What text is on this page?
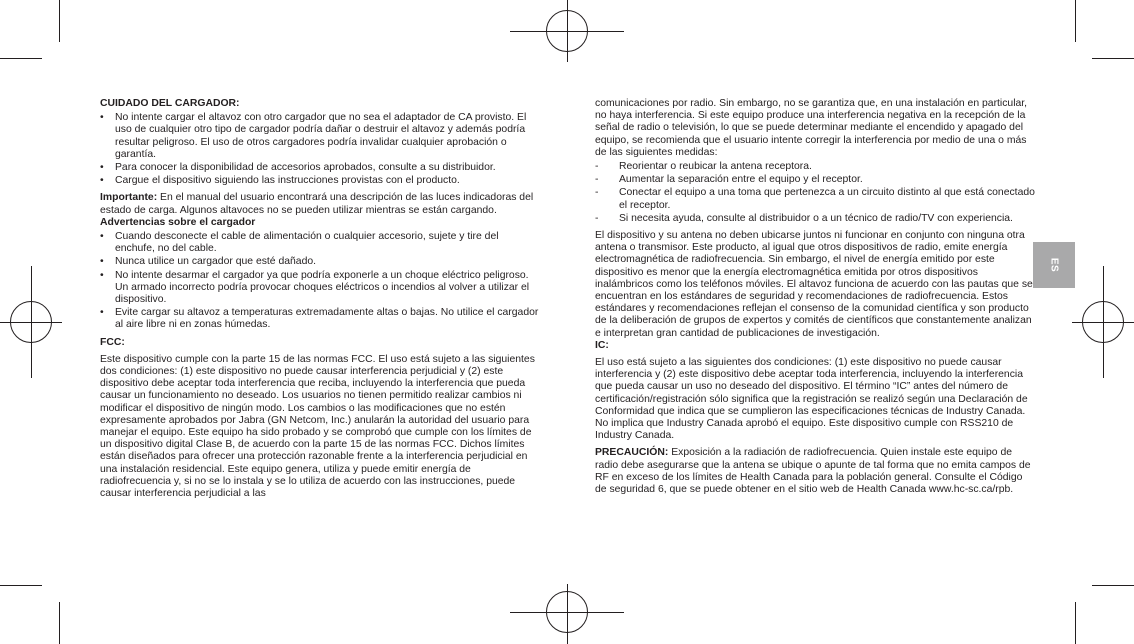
ES
CUIDADO DEL CARGADOR:
• No intente cargar el altavoz con otro cargador que no sea el adaptador de CA provisto. El uso de cualquier otro tipo de cargador podría dañar o destruir el altavoz y además podría resultar peligroso. El uso de otros cargadores podría invalidar cualquier aprobación o garantía.
• Para conocer la disponibilidad de accesorios aprobados, consulte a su distribuidor.
• Cargue el dispositivo siguiendo las instrucciones provistas con el producto.

Importante: En el manual del usuario encontrará una descripción de las luces indicadoras del estado de carga. Algunos altavoces no se pueden utilizar mientras se están cargando.

Advertencias sobre el cargador
• Cuando desconecte el cable de alimentación o cualquier accesorio, sujete y tire del enchufe, no del cable.
• Nunca utilice un cargador que esté dañado.
• No intente desarmar el cargador ya que podría exponerle a un choque eléctrico peligroso. Un armado incorrecto podría provocar choques eléctricos o incendios al volver a utilizar el dispositivo.
• Evite cargar su altavoz a temperaturas extremadamente altas o bajas. No utilice el cargador al aire libre ni en zonas húmedas.
FCC:

Este dispositivo cumple con la parte 15 de las normas FCC. El uso está sujeto a las siguientes dos condiciones: (1) este dispositivo no puede causar interferencia perjudicial y (2) este dispositivo debe aceptar toda interferencia que reciba, incluyendo la interferencia que pueda causar un funcionamiento no deseado. Los usuarios no tienen permitido realizar cambios ni modificar el dispositivo de ningún modo. Los cambios o las modificaciones que no estén expresamente aprobados por Jabra (GN Netcom, Inc.) anularán la autoridad del usuario para manejar el equipo. Este equipo ha sido probado y se comprobó que cumple con los límites de un dispositivo digital Clase B, de acuerdo con la parte 15 de las normas FCC. Dichos límites están diseñados para ofrecer una protección razonable frente a la interferencia perjudicial en una instalación residencial. Este equipo genera, utiliza y puede emitir energía de radiofrecuencia y, si no se lo instala y se lo utiliza de acuerdo con las instrucciones, puede causar interferencia perjudicial a las

comunicaciones por radio. Sin embargo, no se garantiza que, en una instalación en particular, no haya interferencia. Si este equipo produce una interferencia negativa en la recepción de la señal de radio o televisión, lo que se puede determinar mediante el encendido y apagado del equipo, se recomienda que el usuario intente corregir la interferencia por medio de una o más de las siguientes medidas:

- Reorientar o reubicar la antena receptora.
- Aumentar la separación entre el equipo y el receptor.
- Conectar el equipo a una toma que pertenezca a un circuito distinto al que está conectado el receptor.
- Si necesita ayuda, consulte al distribuidor o a un técnico de radio/TV con experiencia.

El dispositivo y su antena no deben ubicarse juntos ni funcionar en conjunto con ninguna otra antena o transmisor. Este producto, al igual que otros dispositivos de radio, emite energía electromagnética de radiofrecuencia. Sin embargo, el nivel de energía emitido por este dispositivo es menor que la energía electromagnética emitida por otros dispositivos inalámbricos como los teléfonos móviles. El altavoz funciona de acuerdo con las pautas que se encuentran en los estándares de seguridad y recomendaciones de radiofrecuencia. Estos estándares y recomendaciones reflejan el consenso de la comunidad científica y son producto de la deliberación de grupos de expertos y comités de científicos que constantemente analizan e interpretan gran cantidad de publicaciones de investigación.

IC:

El uso está sujeto a las siguientes dos condiciones: (1) este dispositivo no puede causar interferencia y (2) este dispositivo debe aceptar toda interferencia, incluyendo la interferencia que pueda causar un uso no deseado del dispositivo. El término “IC” antes del número de certificación/registración sólo significa que la registración se realizó según una Declaración de Conformidad que indica que se cumplieron las especificaciones técnicas de Industry Canada. No implica que Industry Canada aprobó el equipo. Este dispositivo cumple con RSS210 de Industry Canada.

PRECAUCIÓN: Exposición a la radiación de radiofrecuencia. Quien instale este equipo de radio debe asegurarse que la antena se ubique o apunte de tal forma que no emita campos de RF en exceso de los límites de Health Canada para la población general. Consulte el Código de seguridad 6, que se puede obtener en el sitio web de Health Canada www.hc-sc.ca/rpb.
